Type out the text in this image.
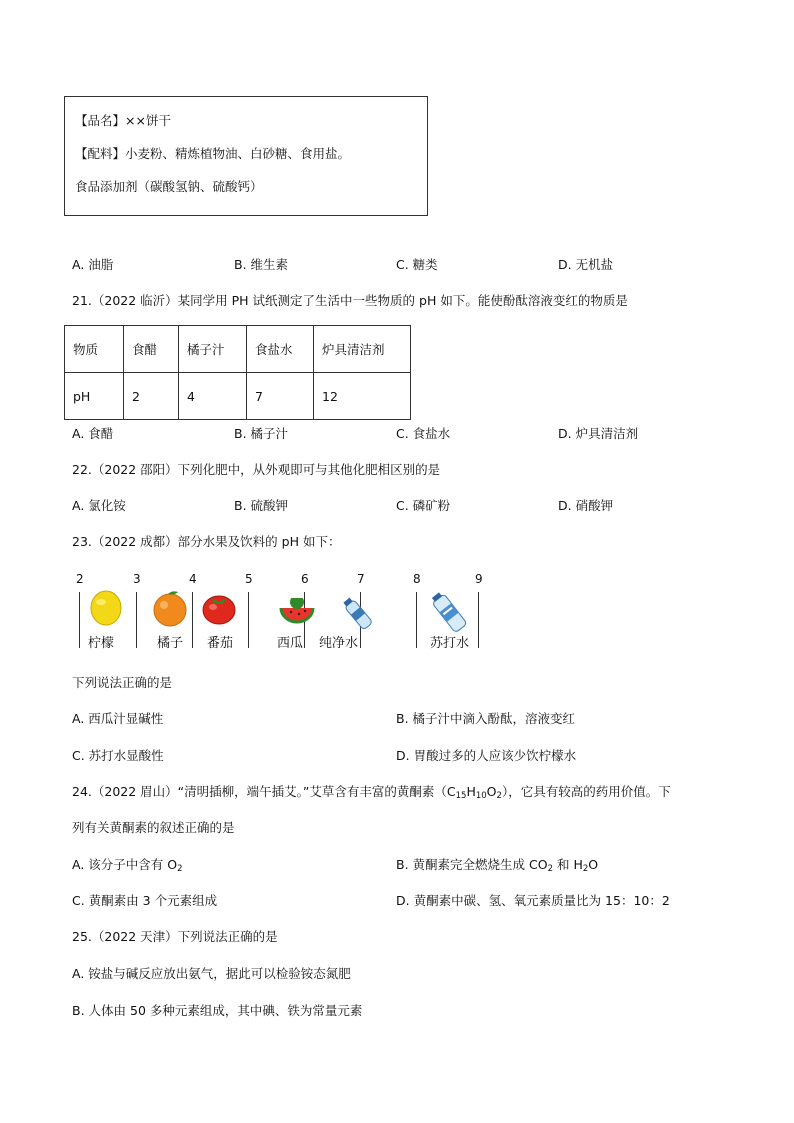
【品名】××饼干
【配料】小麦粉、精炼植物油、白砂糖、食用盐。
食品添加剂（碳酸氢钠、硫酸钙）
A. 油脂	B. 维生素	C. 糖类	D. 无机盐
21.（2022 临沂）某同学用 PH 试纸测定了生活中一些物质的 pH 如下。能使酚酞溶液变红的物质是
物质	食醋	橘子汁	食盐水	炉具清洁剂
pH	2	4	7	12
A. 食醋	B. 橘子汁	C. 食盐水	D. 炉具清洁剂
22.（2022 邵阳）下列化肥中，从外观即可与其他化肥相区别的是
A. 氯化铵	B. 硫酸钾	C. 磷矿粉	D. 硝酸钾
23.（2022 成都）部分水果及饮料的 pH 如下：
2	3	4	5	6	7	8	9
柠檬	橘子 番茄	西瓜 纯净水	苏打水
下列说法正确的是
A. 西瓜汁显碱性	B. 橘子汁中滴入酚酞，溶液变红
C. 苏打水显酸性	D. 胃酸过多的人应该少饮柠檬水
24.（2022 眉山）“清明插柳，端午插艾。”艾草含有丰富的黄酮素$(C_{15}H_{10}O_2)$，它具有较高的药用价值。下
列有关黄酮素的叙述正确的是
A. 该分子中含有 $O_2$	B. 黄酮素完全燃烧生成 $CO_2$ 和 $H_2O$
C. 黄酮素由 3 个元素组成	D. 黄酮素中碳、氢、氧元素质量比为 15：10：2
25.（2022 天津）下列说法正确的是
A. 铵盐与碱反应放出氨气，据此可以检验铵态氮肥
B. 人体由 50 多种元素组成，其中碘、铁为常量元素
